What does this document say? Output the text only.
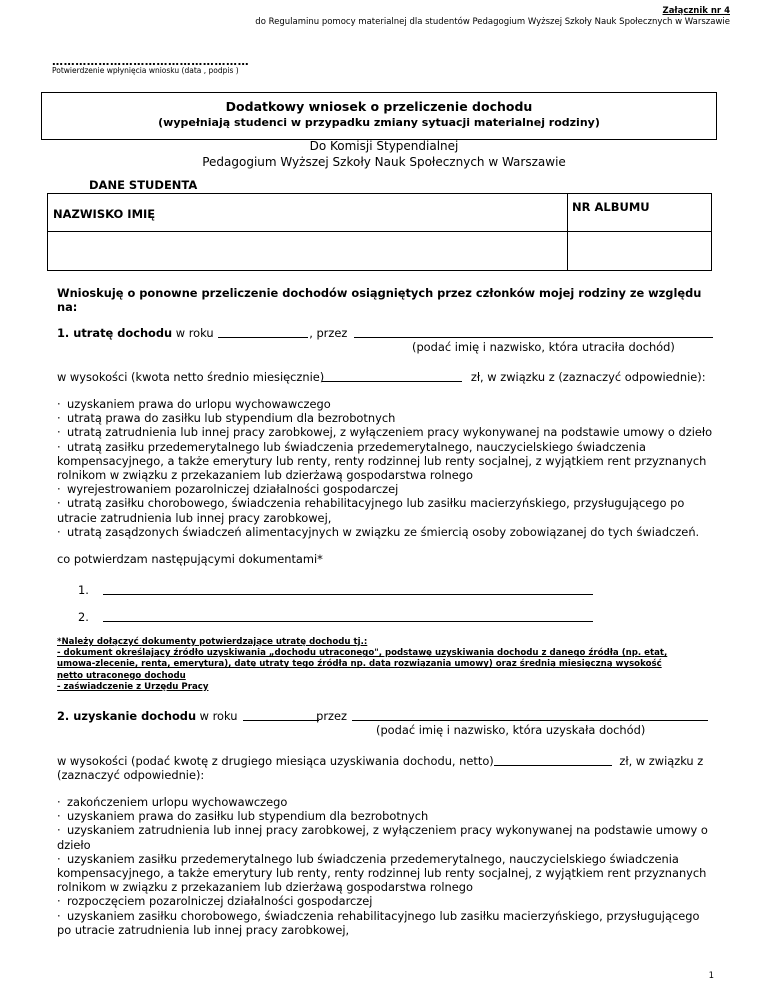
Załącznik nr 4
do Regulaminu pomocy materialnej dla studentów Pedagogium Wyższej Szkoły Nauk Społecznych w Warszawie
……………………………………………
Potwierdzenie wpłynięcia wniosku (data , podpis )
Dodatkowy wniosek o przeliczenie dochodu
(wypełniają studenci w przypadku zmiany sytuacji materialnej rodziny)
Do Komisji Stypendialnej
Pedagogium Wyższej Szkoły Nauk Społecznych w Warszawie
DANE STUDENTA
NAZWISKO IMIĘ	NR ALBUMU
Wnioskuję o ponowne przeliczenie dochodów osiągniętych przez członków mojej rodziny ze względu na:
1. utratę dochodu w roku	, przez
(podać imię i nazwisko, która utraciła dochód)
w wysokości (kwota netto średnio miesięcznie)	zł, w związku z (zaznaczyć odpowiednie):
· uzyskaniem prawa do urlopu wychowawczego
· utratą prawa do zasiłku lub stypendium dla bezrobotnych
· utratą zatrudnienia lub innej pracy zarobkowej, z wyłączeniem pracy wykonywanej na podstawie umowy o dzieło
· utratą zasiłku przedemerytalnego lub świadczenia przedemerytalnego, nauczycielskiego świadczenia kompensacyjnego, a także emerytury lub renty, renty rodzinnej lub renty socjalnej, z wyjątkiem rent przyznanych rolnikom w związku z przekazaniem lub dzierżawą gospodarstwa rolnego
· wyrejestrowaniem pozarolniczej działalności gospodarczej
· utratą zasiłku chorobowego, świadczenia rehabilitacyjnego lub zasiłku macierzyńskiego, przysługującego po utracie zatrudnienia lub innej pracy zarobkowej,
· utratą zasądzonych świadczeń alimentacyjnych w związku ze śmiercią osoby zobowiązanej do tych świadczeń.
co potwierdzam następującymi dokumentami*
1.
2.
*Należy dołączyć dokumenty potwierdzające utratę dochodu tj.:
- dokument określający źródło uzyskiwania „dochodu utraconego", podstawę uzyskiwania dochodu z danego źródła (np. etat,
umowa-zlecenie, renta, emerytura), datę utraty tego źródła np. data rozwiązania umowy) oraz średnią miesięczną wysokość
netto utraconego dochodu
- zaświadczenie z Urzędu Pracy
2. uzyskanie dochodu w roku	przez
(podać imię i nazwisko, która uzyskała dochód)
w wysokości (podać kwotę z drugiego miesiąca uzyskiwania dochodu, netto)	zł, w związku z
(zaznaczyć odpowiednie):
· zakończeniem urlopu wychowawczego
· uzyskaniem prawa do zasiłku lub stypendium dla bezrobotnych
· uzyskaniem zatrudnienia lub innej pracy zarobkowej, z wyłączeniem pracy wykonywanej na podstawie umowy o dzieło
· uzyskaniem zasiłku przedemerytalnego lub świadczenia przedemerytalnego, nauczycielskiego świadczenia kompensacyjnego, a także emerytury lub renty, renty rodzinnej lub renty socjalnej, z wyjątkiem rent przyznanych rolnikom w związku z przekazaniem lub dzierżawą gospodarstwa rolnego
· rozpoczęciem pozarolniczej działalności gospodarczej
· uzyskaniem zasiłku chorobowego, świadczenia rehabilitacyjnego lub zasiłku macierzyńskiego, przysługującego po utracie zatrudnienia lub innej pracy zarobkowej,
1
